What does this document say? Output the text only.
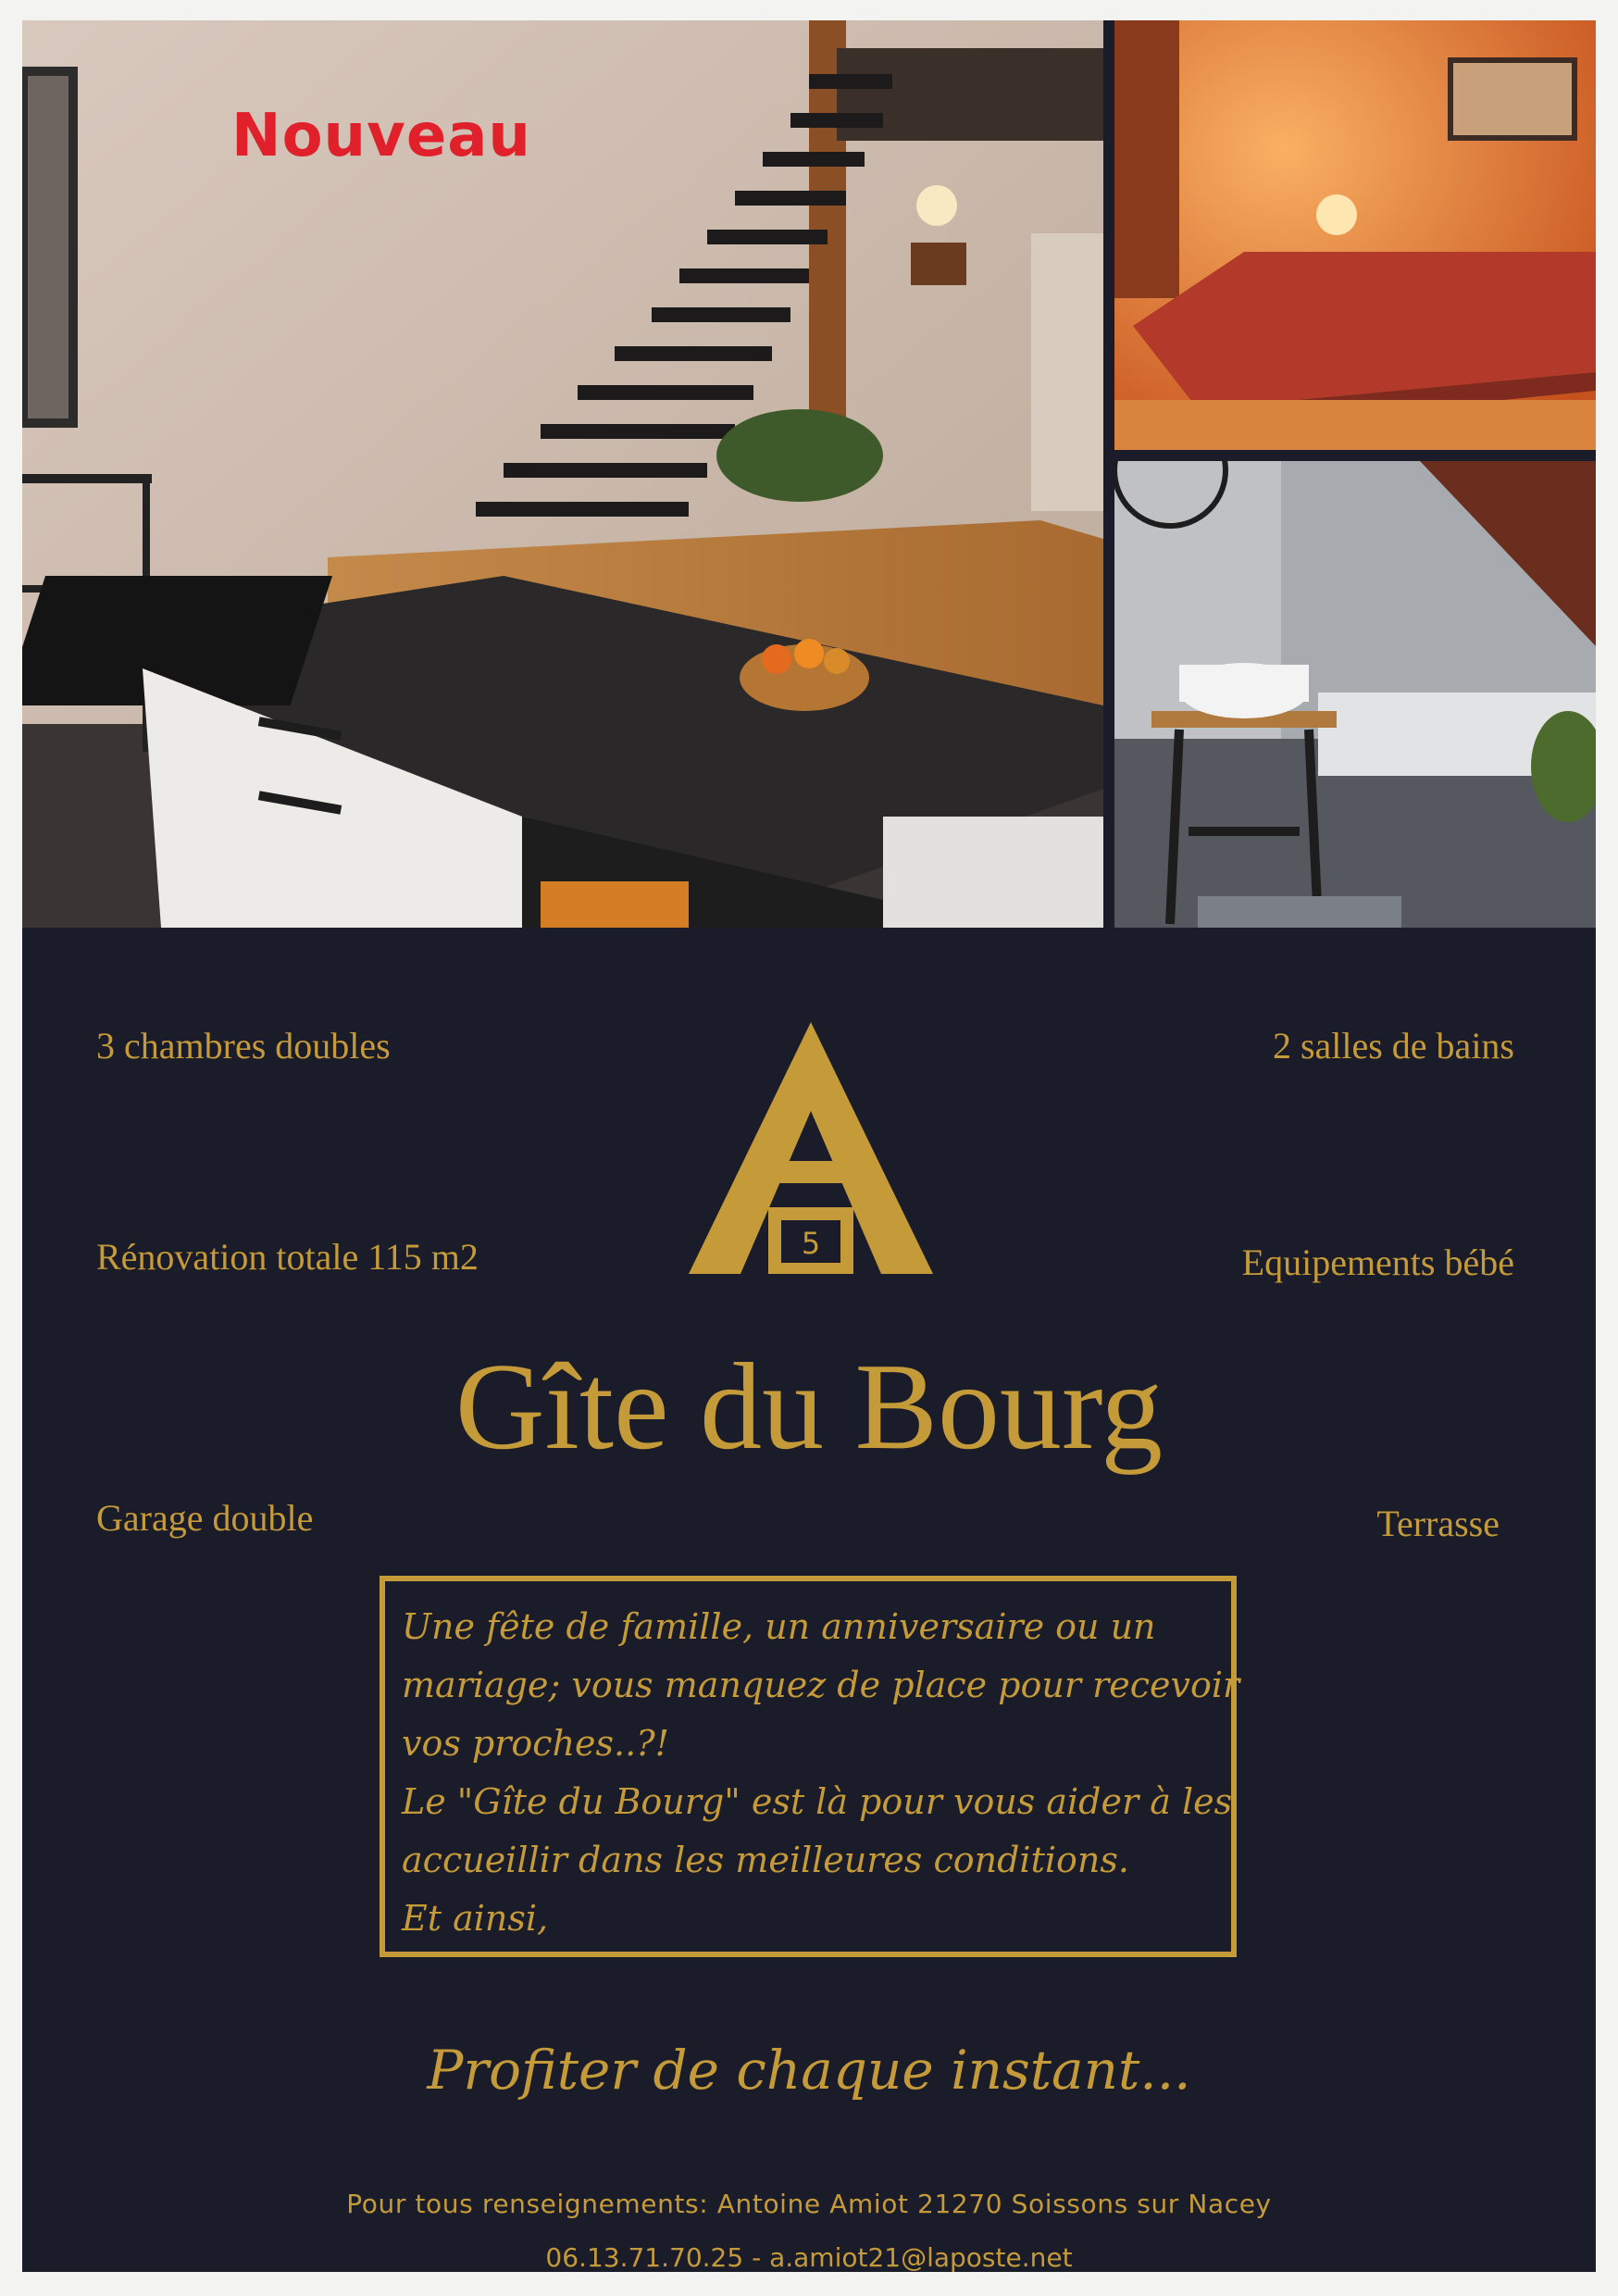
Nouveau
3 chambres doubles	2 salles de bains
Rénovation totale 115 m2	Equipements bébé
Garage double	Terrasse
5
Gîte du Bourg
Une fête de famille, un anniversaire ou un
mariage; vous manquez de place pour recevoir
vos proches..?!
Le "Gîte du Bourg" est là pour vous aider à les
accueillir dans les meilleures conditions.
Et ainsi,
Profiter de chaque instant...
Pour tous renseignements: Antoine Amiot 21270 Soissons sur Nacey
06.13.71.70.25 - a.amiot21@laposte.net
